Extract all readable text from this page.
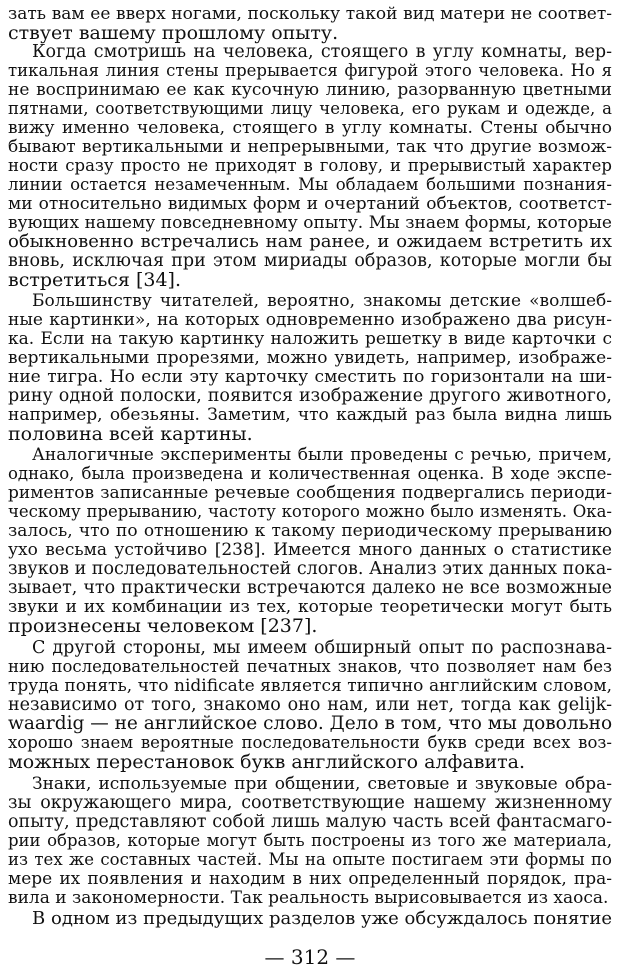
зать вам ее вверх ногами, поскольку такой вид матери не соответ-
ствует вашему прошлому опыту.
Когда смотришь на человека, стоящего в углу комнаты, вер-
тикальная линия стены прерывается фигурой этого человека. Но я
не воспринимаю ее как кусочную линию, разорванную цветными
пятнами, соответствующими лицу человека, его рукам и одежде, а
вижу именно человека, стоящего в углу комнаты. Стены обычно
бывают вертикальными и непрерывными, так что другие возмож-
ности сразу просто не приходят в голову, и прерывистый характер
линии остается незамеченным. Мы обладаем большими познания-
ми относительно видимых форм и очертаний объектов, соответст-
вующих нашему повседневному опыту. Мы знаем формы, которые
обыкновенно встречались нам ранее, и ожидаем встретить их
вновь, исключая при этом мириады образов, которые могли бы
встретиться [34].
Большинству читателей, вероятно, знакомы детские «волшеб-
ные картинки», на которых одновременно изображено два рисун-
ка. Если на такую картинку наложить решетку в виде карточки с
вертикальными прорезями, можно увидеть, например, изображе-
ние тигра. Но если эту карточку сместить по горизонтали на ши-
рину одной полоски, появится изображение другого животного,
например, обезьяны. Заметим, что каждый раз была видна лишь
половина всей картины.
Аналогичные эксперименты были проведены с речью, причем,
однако, была произведена и количественная оценка. В ходе экспе-
риментов записанные речевые сообщения подвергались периоди-
ческому прерыванию, частоту которого можно было изменять. Ока-
залось, что по отношению к такому периодическому прерыванию
ухо весьма устойчиво [238]. Имеется много данных о статистике
звуков и последовательностей слогов. Анализ этих данных пока-
зывает, что практически встречаются далеко не все возможные
звуки и их комбинации из тех, которые теоретически могут быть
произнесены человеком [237].
С другой стороны, мы имеем обширный опыт по распознава-
нию последовательностей печатных знаков, что позволяет нам без
труда понять, что nidificate является типично английским словом,
независимо от того, знакомо оно нам, или нет, тогда как gelijk-
waardig — не английское слово. Дело в том, что мы довольно
хорошо знаем вероятные последовательности букв среди всех воз-
можных перестановок букв английского алфавита.
Знаки, используемые при общении, световые и звуковые обра-
зы окружающего мира, соответствующие нашему жизненному
опыту, представляют собой лишь малую часть всей фантасмаго-
рии образов, которые могут быть построены из того же материала,
из тех же составных частей. Мы на опыте постигаем эти формы по
мере их появления и находим в них определенный порядок, пра-
вила и закономерности. Так реальность вырисовывается из хаоса.
В одном из предыдущих разделов уже обсуждалось понятие
— 312 —
